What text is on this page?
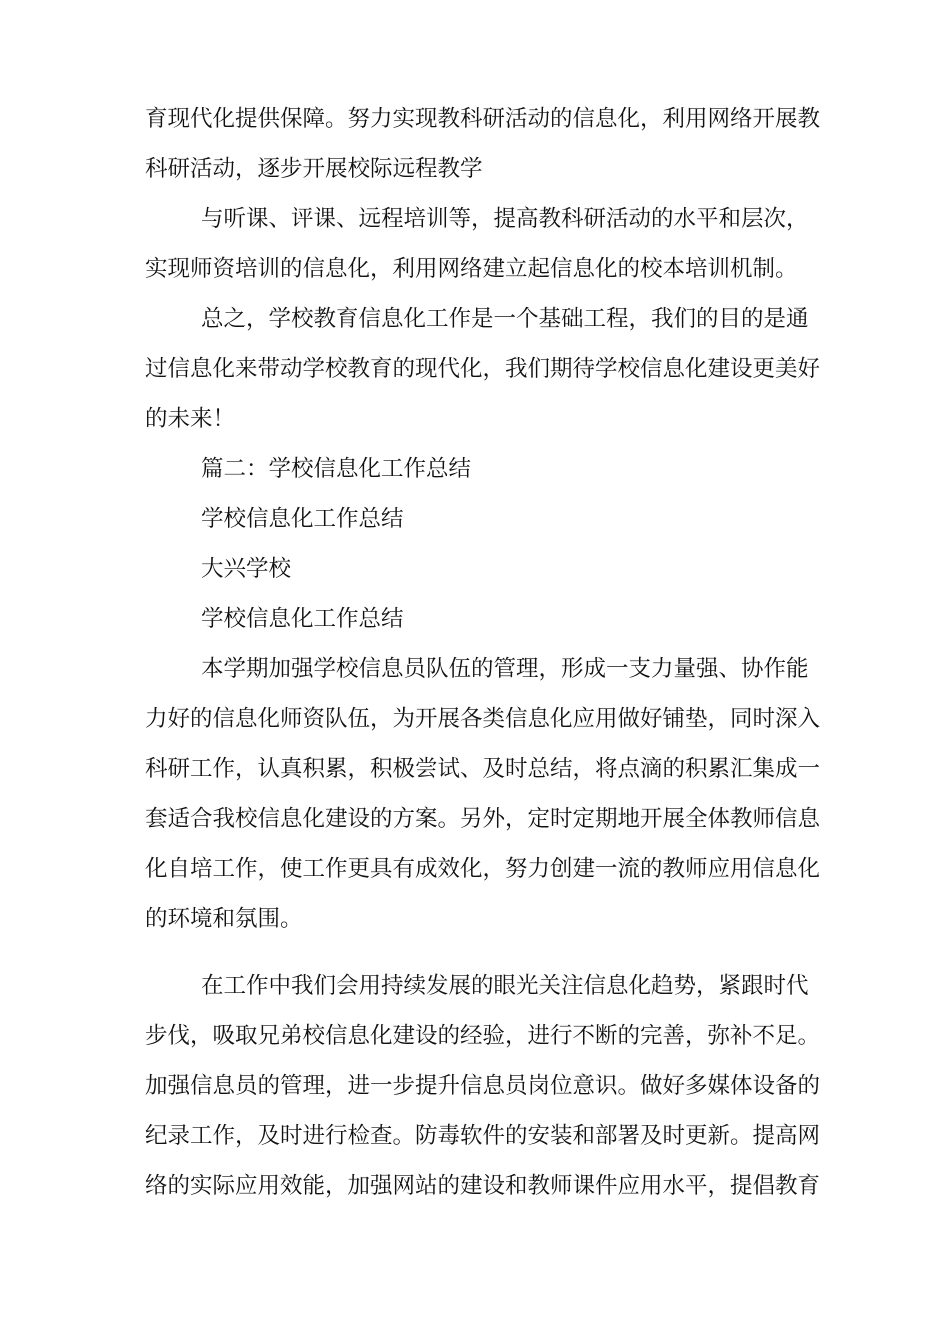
育现代化提供保障。努力实现教科研活动的信息化，利用网络开展教
科研活动，逐步开展校际远程教学
与听课、评课、远程培训等，提高教科研活动的水平和层次，
实现师资培训的信息化，利用网络建立起信息化的校本培训机制。
总之，学校教育信息化工作是一个基础工程，我们的目的是通
过信息化来带动学校教育的现代化，我们期待学校信息化建设更美好
的未来！
篇二：学校信息化工作总结
学校信息化工作总结
大兴学校
学校信息化工作总结
本学期加强学校信息员队伍的管理，形成一支力量强、协作能
力好的信息化师资队伍，为开展各类信息化应用做好铺垫，同时深入
科研工作，认真积累，积极尝试、及时总结，将点滴的积累汇集成一
套适合我校信息化建设的方案。另外，定时定期地开展全体教师信息
化自培工作，使工作更具有成效化，努力创建一流的教师应用信息化
的环境和氛围。
在工作中我们会用持续发展的眼光关注信息化趋势，紧跟时代
步伐，吸取兄弟校信息化建设的经验，进行不断的完善，弥补不足。
加强信息员的管理，进一步提升信息员岗位意识。做好多媒体设备的
纪录工作，及时进行检查。防毒软件的安装和部署及时更新。提高网
络的实际应用效能，加强网站的建设和教师课件应用水平，提倡教育
